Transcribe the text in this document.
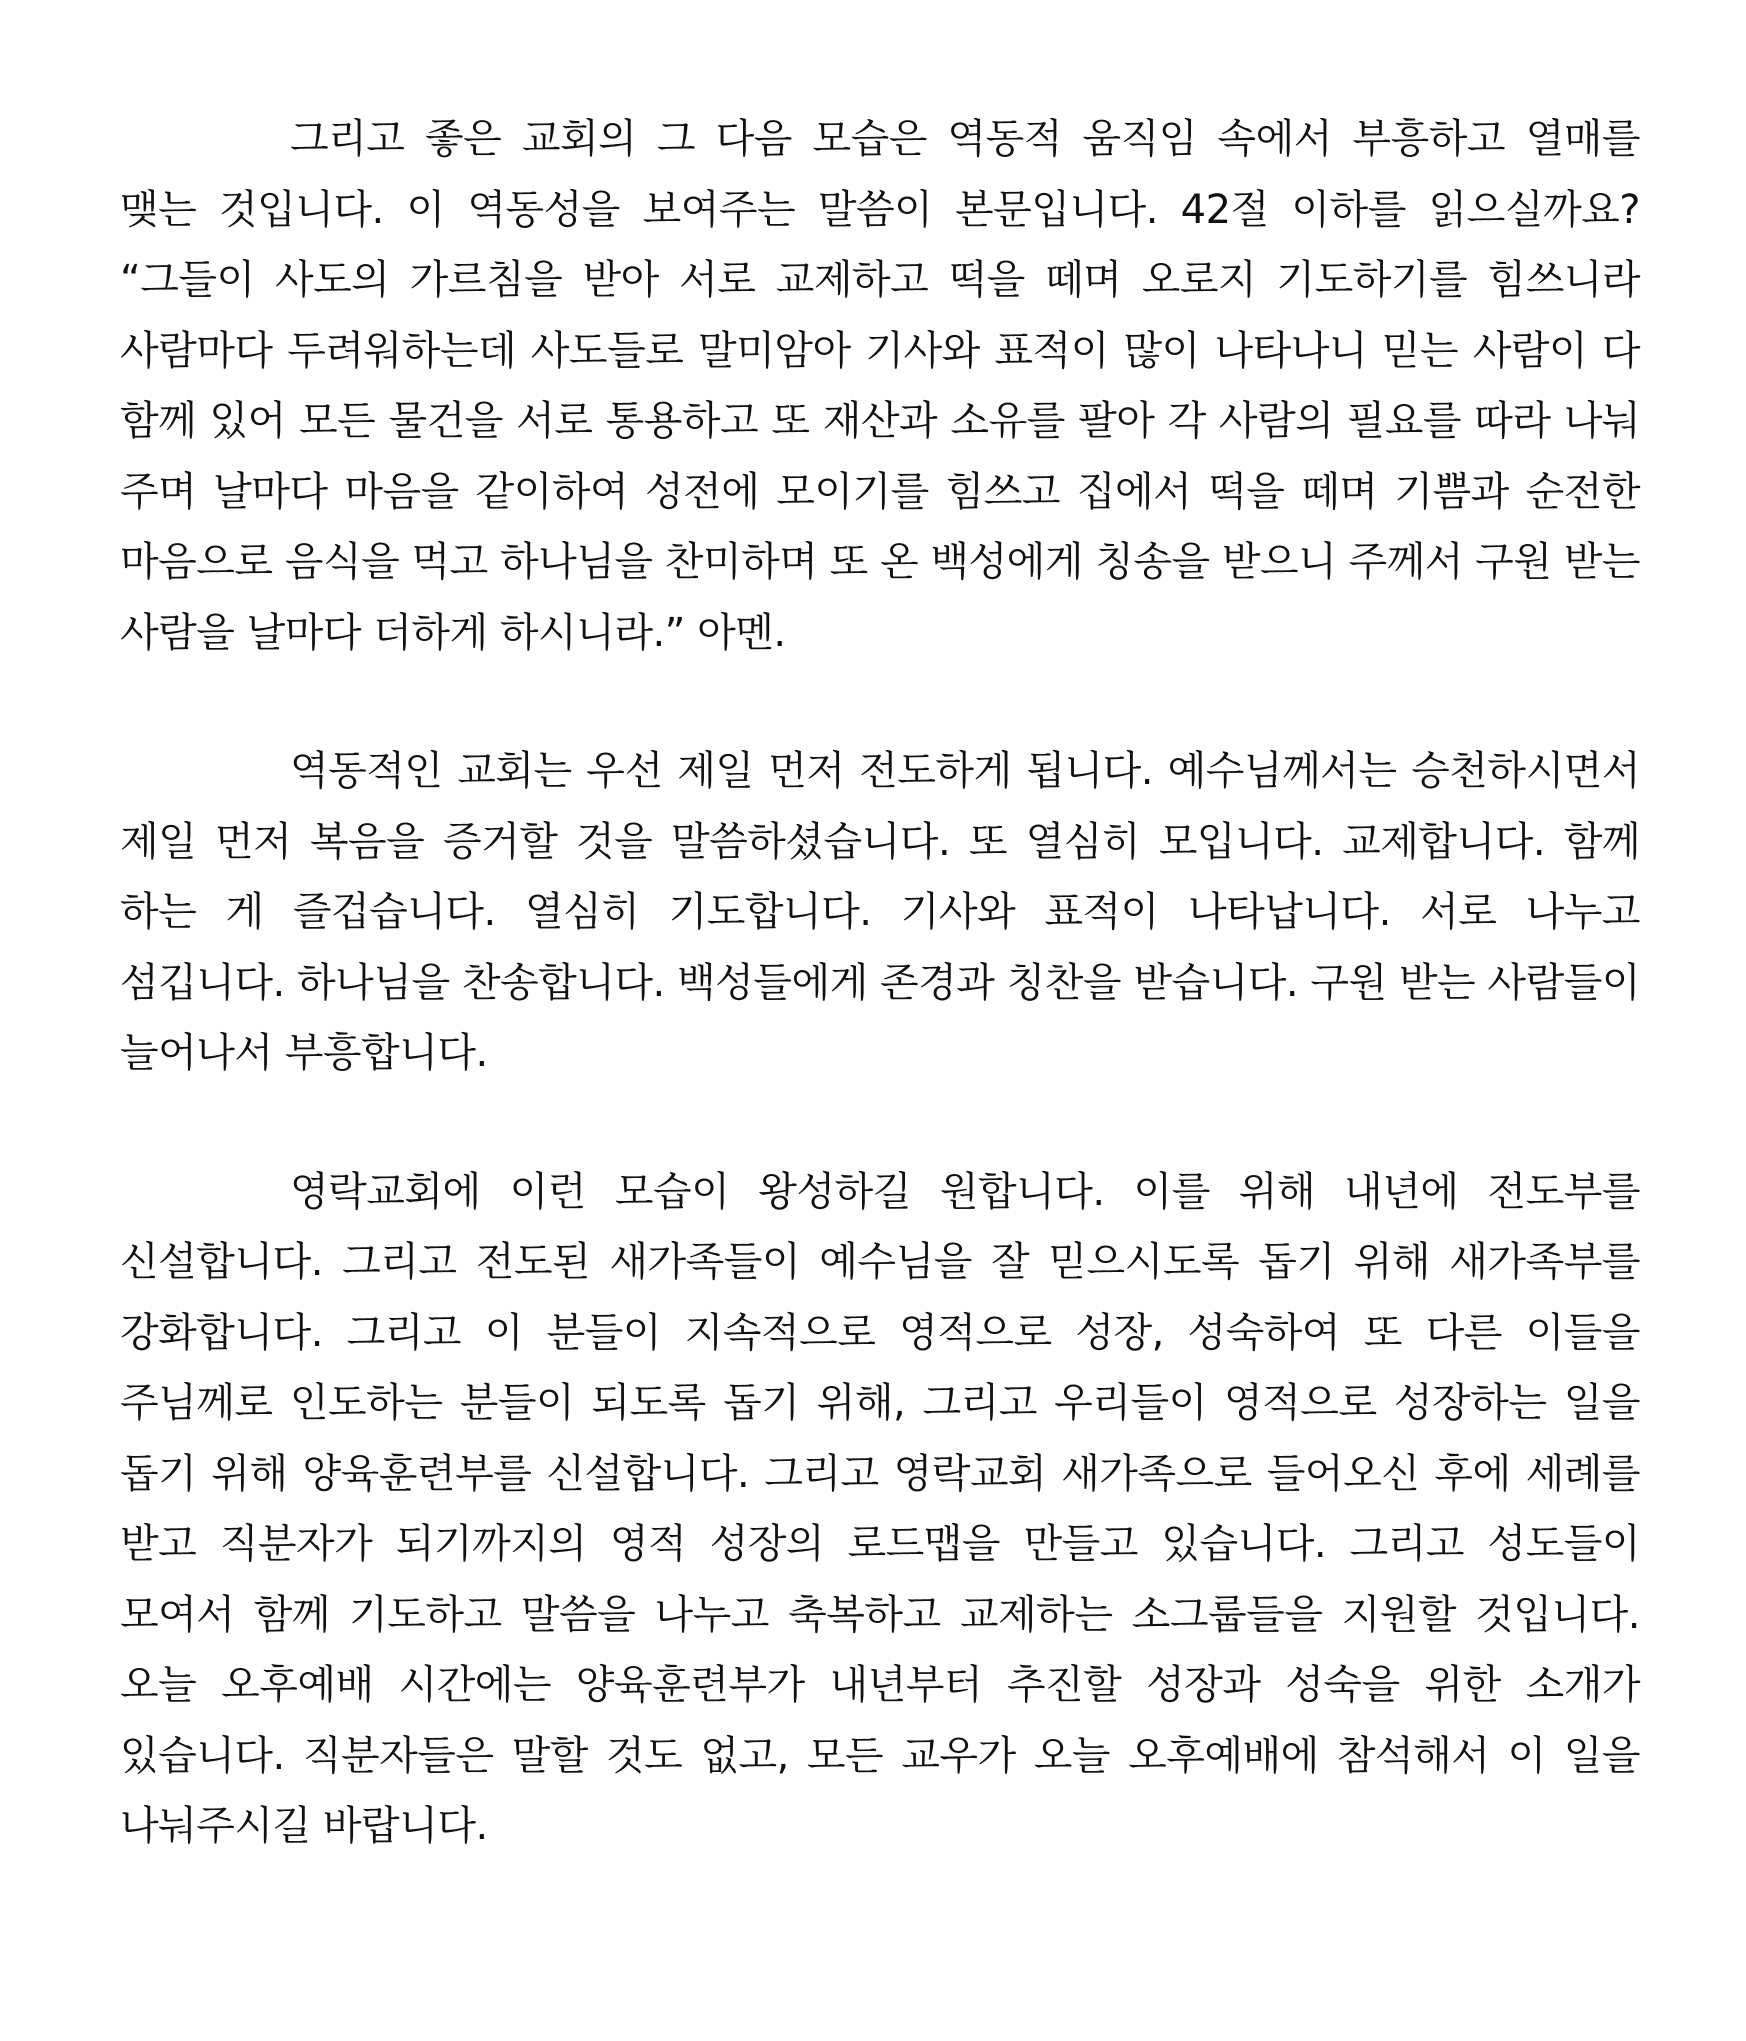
그리고 좋은 교회의 그 다음 모습은 역동적 움직임 속에서 부흥하고 열매를 맺는 것입니다. 이 역동성을 보여주는 말씀이 본문입니다. 42절 이하를 읽으실까요? “그들이 사도의 가르침을 받아 서로 교제하고 떡을 떼며 오로지 기도하기를 힘쓰니라 사람마다 두려워하는데 사도들로 말미암아 기사와 표적이 많이 나타나니 믿는 사람이 다 함께 있어 모든 물건을 서로 통용하고 또 재산과 소유를 팔아 각 사람의 필요를 따라 나눠 주며 날마다 마음을 같이하여 성전에 모이기를 힘쓰고 집에서 떡을 떼며 기쁨과 순전한 마음으로 음식을 먹고 하나님을 찬미하며 또 온 백성에게 칭송을 받으니 주께서 구원 받는 사람을 날마다 더하게 하시니라.” 아멘.

역동적인 교회는 우선 제일 먼저 전도하게 됩니다. 예수님께서는 승천하시면서 제일 먼저 복음을 증거할 것을 말씀하셨습니다. 또 열심히 모입니다. 교제합니다. 함께 하는 게 즐겁습니다. 열심히 기도합니다. 기사와 표적이 나타납니다. 서로 나누고 섬깁니다. 하나님을 찬송합니다. 백성들에게 존경과 칭찬을 받습니다. 구원 받는 사람들이 늘어나서 부흥합니다.

영락교회에 이런 모습이 왕성하길 원합니다. 이를 위해 내년에 전도부를 신설합니다. 그리고 전도된 새가족들이 예수님을 잘 믿으시도록 돕기 위해 새가족부를 강화합니다. 그리고 이 분들이 지속적으로 영적으로 성장, 성숙하여 또 다른 이들을 주님께로 인도하는 분들이 되도록 돕기 위해, 그리고 우리들이 영적으로 성장하는 일을 돕기 위해 양육훈련부를 신설합니다. 그리고 영락교회 새가족으로 들어오신 후에 세례를 받고 직분자가 되기까지의 영적 성장의 로드맵을 만들고 있습니다. 그리고 성도들이 모여서 함께 기도하고 말씀을 나누고 축복하고 교제하는 소그룹들을 지원할 것입니다. 오늘 오후예배 시간에는 양육훈련부가 내년부터 추진할 성장과 성숙을 위한 소개가 있습니다. 직분자들은 말할 것도 없고, 모든 교우가 오늘 오후예배에 참석해서 이 일을 나눠주시길 바랍니다.
